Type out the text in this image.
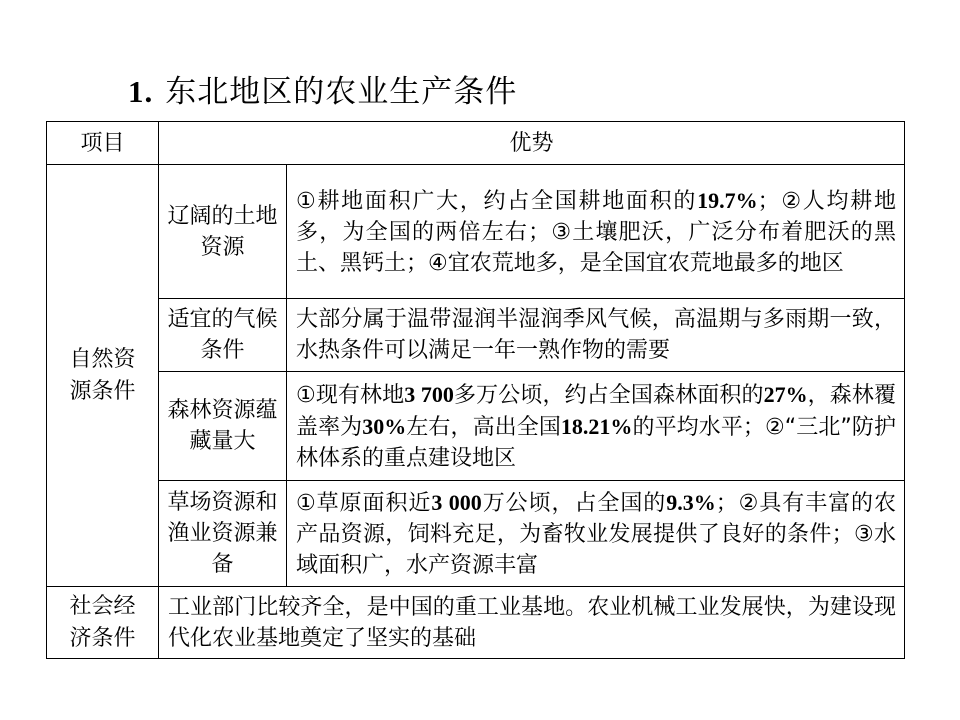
1. 东北地区的农业生产条件
项目	优势	
自然资源条件	辽阔的土地资源	①耕地面积广大，约占全国耕地面积的19.7%；②人均耕地多，为全国的两倍左右；③土壤肥沃，广泛分布着肥沃的黑土、黑钙土；④宜农荒地多，是全国宜农荒地最多的地区
	适宜的气候条件	大部分属于温带湿润半湿润季风气候，高温期与多雨期一致，水热条件可以满足一年一熟作物的需要
	森林资源蕴藏量大	①现有林地3 700多万公顷，约占全国森林面积的27%，森林覆盖率为30%左右，高出全国18.21%的平均水平；②“三北”防护林体系的重点建设地区
	草场资源和渔业资源兼备	①草原面积近3 000万公顷，占全国的9.3%；②具有丰富的农产品资源，饲料充足，为畜牧业发展提供了良好的条件；③水域面积广，水产资源丰富
社会经济条件	工业部门比较齐全，是中国的重工业基地。农业机械工业发展快，为建设现代化农业基地奠定了坚实的基础	
